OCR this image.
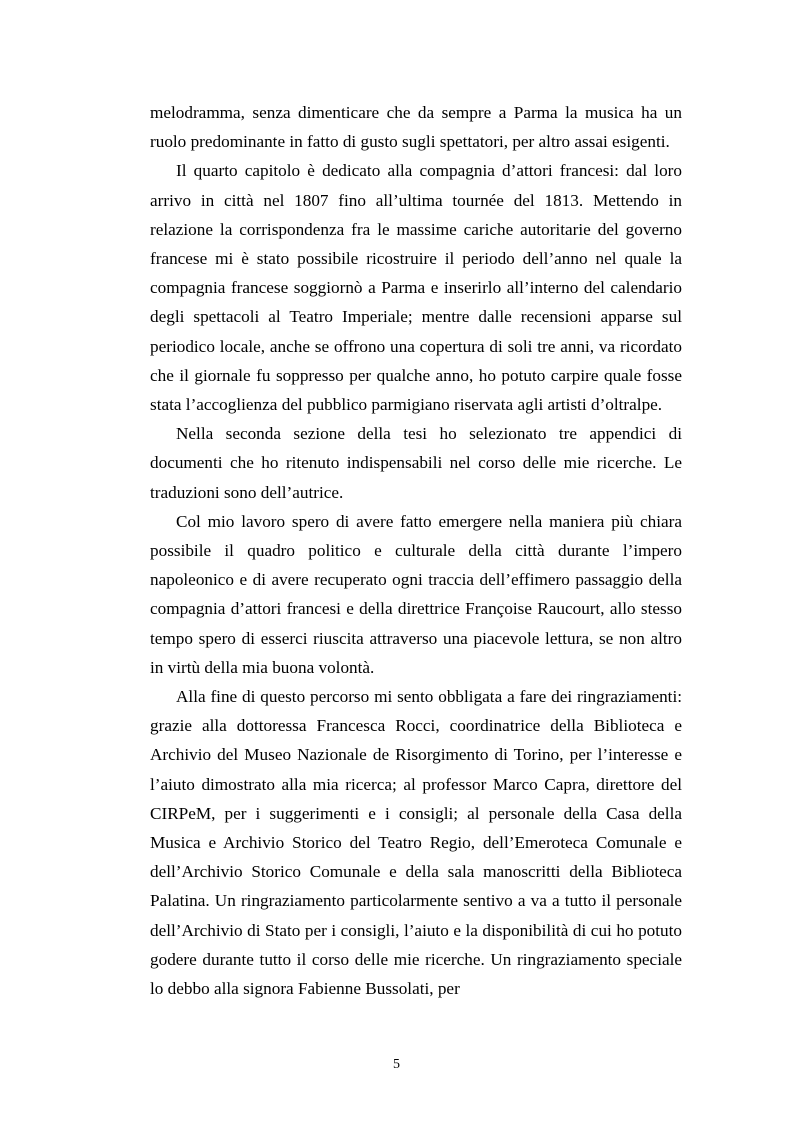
melodramma, senza dimenticare che da sempre a Parma la musica ha un ruolo predominante in fatto di gusto sugli spettatori, per altro assai esigenti.

Il quarto capitolo è dedicato alla compagnia d’attori francesi: dal loro arrivo in città nel 1807 fino all’ultima tournée del 1813. Mettendo in relazione la corrispondenza fra le massime cariche autoritarie del governo francese mi è stato possibile ricostruire il periodo dell’anno nel quale la compagnia francese soggiornò a Parma e inserirlo all’interno del calendario degli spettacoli al Teatro Imperiale; mentre dalle recensioni apparse sul periodico locale, anche se offrono una copertura di soli tre anni, va ricordato che il giornale fu soppresso per qualche anno, ho potuto carpire quale fosse stata l’accoglienza del pubblico parmigiano riservata agli artisti d’oltralpe.

Nella seconda sezione della tesi ho selezionato tre appendici di documenti che ho ritenuto indispensabili nel corso delle mie ricerche. Le traduzioni sono dell’autrice.

Col mio lavoro spero di avere fatto emergere nella maniera più chiara possibile il quadro politico e culturale della città durante l’impero napoleonico e di avere recuperato ogni traccia dell’effimero passaggio della compagnia d’attori francesi e della direttrice Françoise Raucourt, allo stesso tempo spero di esserci riuscita attraverso una piacevole lettura, se non altro in virtù della mia buona volontà.

Alla fine di questo percorso mi sento obbligata a fare dei ringraziamenti: grazie alla dottoressa Francesca Rocci, coordinatrice della Biblioteca e Archivio del Museo Nazionale de Risorgimento di Torino, per l’interesse e l’aiuto dimostrato alla mia ricerca; al professor Marco Capra, direttore del CIRPeM, per i suggerimenti e i consigli; al personale della Casa della Musica e Archivio Storico del Teatro Regio, dell’Emeroteca Comunale e dell’Archivio Storico Comunale e della sala manoscritti della Biblioteca Palatina. Un ringraziamento particolarmente sentivo a va a tutto il personale dell’Archivio di Stato per i consigli, l’aiuto e la disponibilità di cui ho potuto godere durante tutto il corso delle mie ricerche. Un ringraziamento speciale lo debbo alla signora Fabienne Bussolati, per

5
